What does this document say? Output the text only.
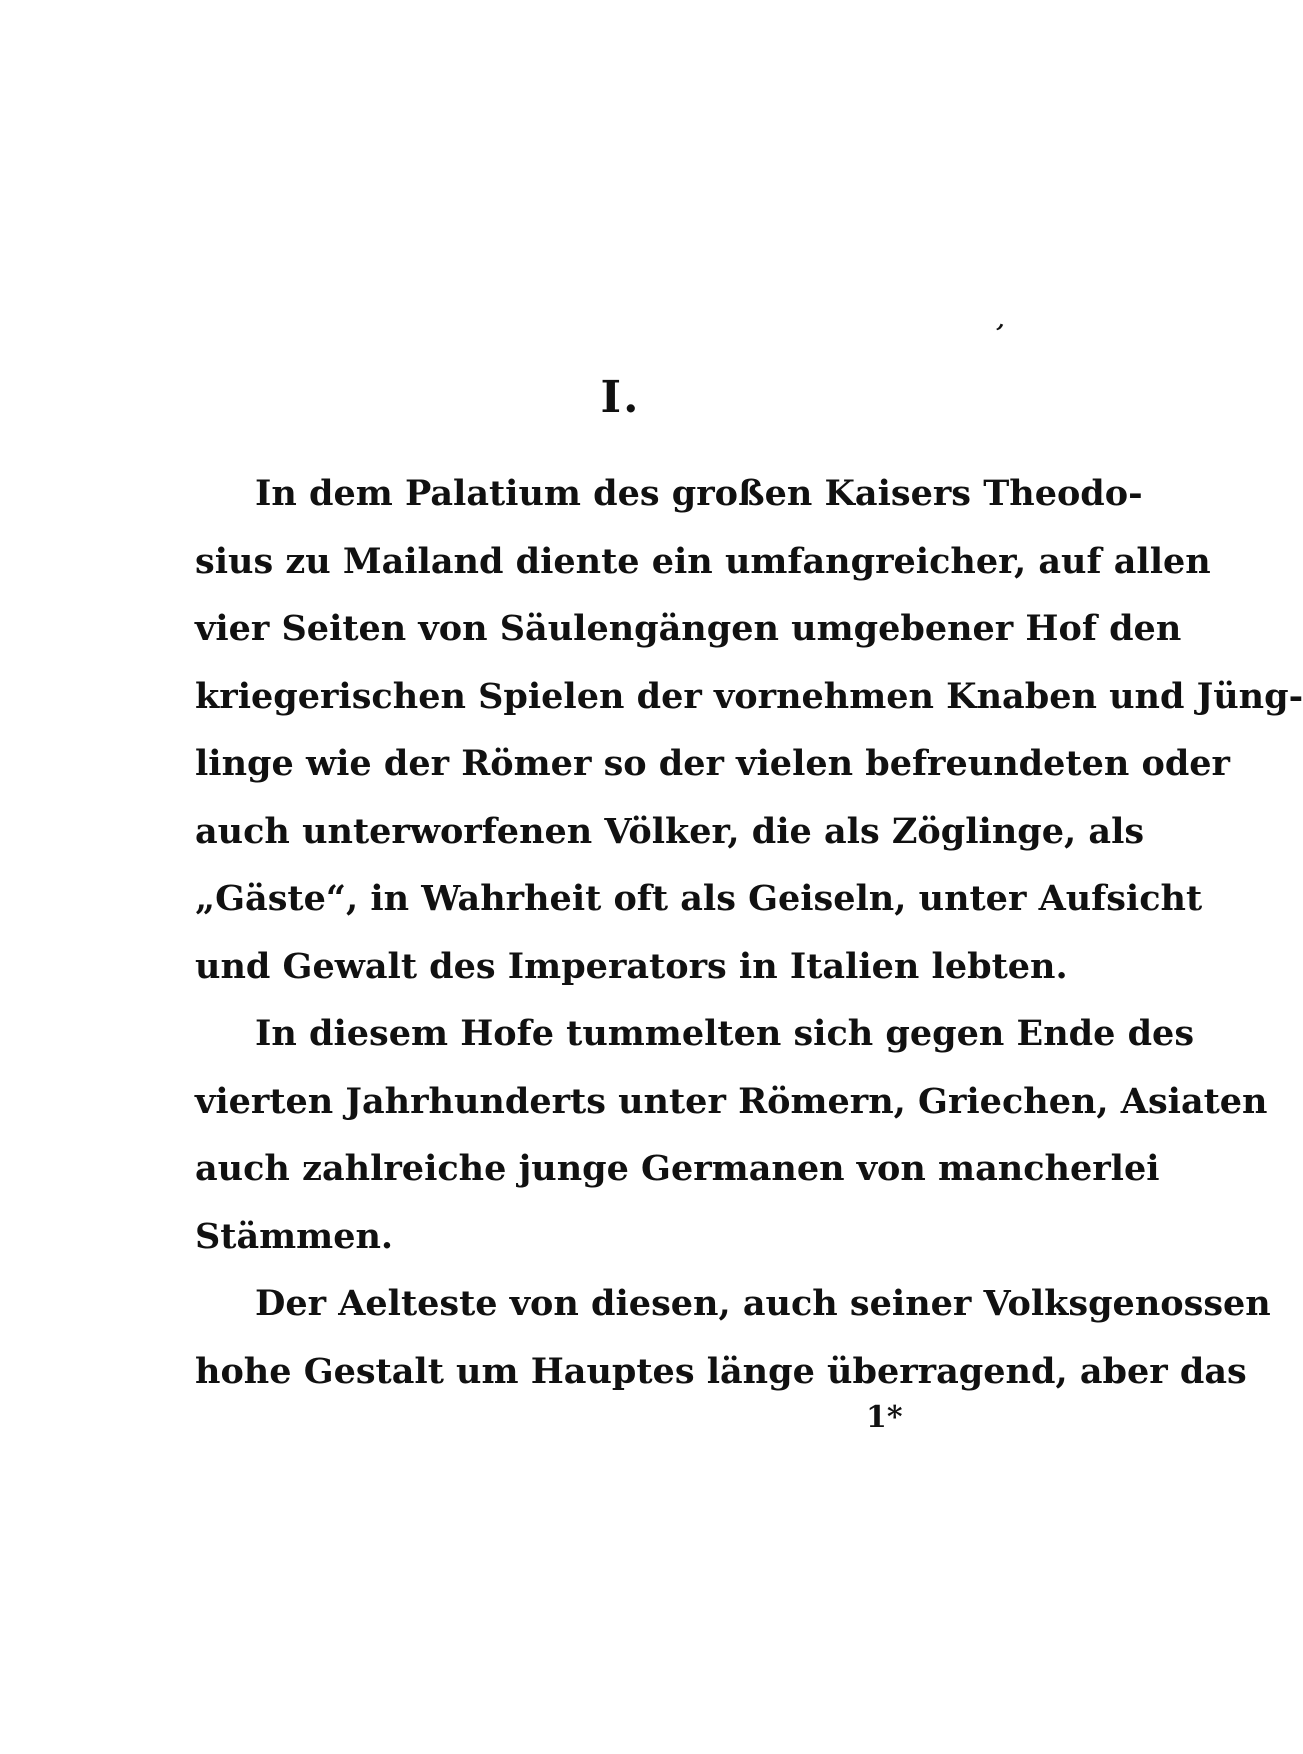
’
I.
In dem Palatium des großen Kaisers Theodo-
sius zu Mailand diente ein umfangreicher, auf allen
vier Seiten von Säulengängen umgebener Hof den
kriegerischen Spielen der vornehmen Knaben und Jüng-
linge wie der Römer so der vielen befreundeten oder
auch unterworfenen Völker, die als Zöglinge, als
„Gäste“, in Wahrheit oft als Geiseln, unter Aufsicht
und Gewalt des Imperators in Italien lebten.
In diesem Hofe tummelten sich gegen Ende des
vierten Jahrhunderts unter Römern, Griechen, Asiaten
auch zahlreiche junge Germanen von mancherlei
Stämmen.
Der Aelteste von diesen, auch seiner Volksgenossen
hohe Gestalt um Hauptes länge überragend, aber das
1*
